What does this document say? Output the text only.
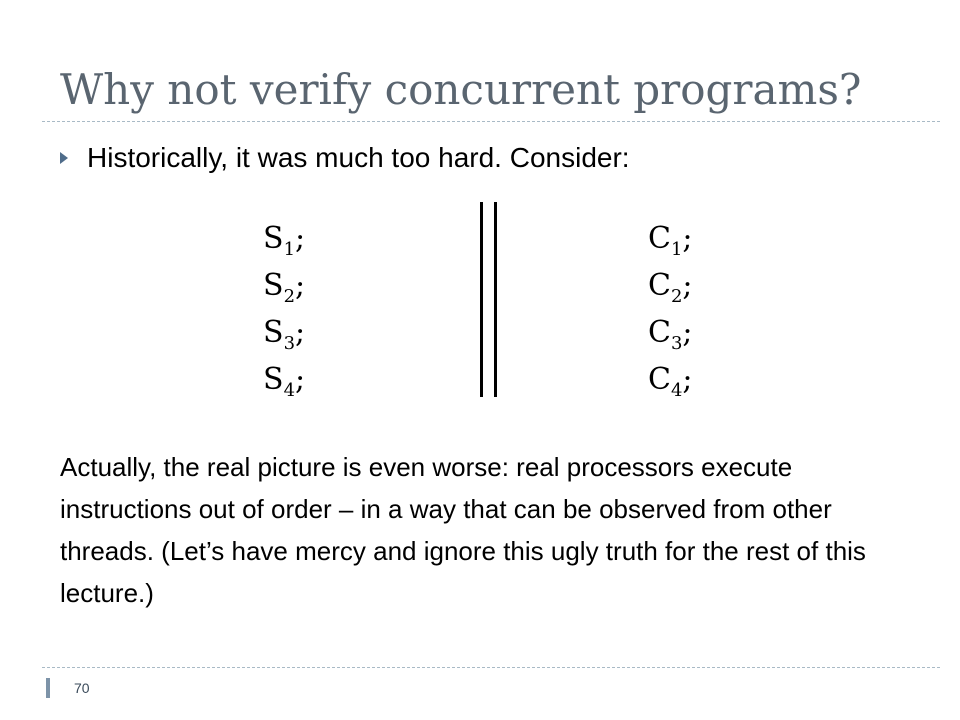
Why not verify concurrent programs?
Historically, it was much too hard. Consider:
$S_1$;
$S_2$;
$S_3$;
$S_4$;
$C_1$;
$C_2$;
$C_3$;
$C_4$;

Actually, the real picture is even worse: real processors execute instructions out of order – in a way that can be observed from other threads. (Let’s have mercy and ignore this ugly truth for the rest of this lecture.)

70
